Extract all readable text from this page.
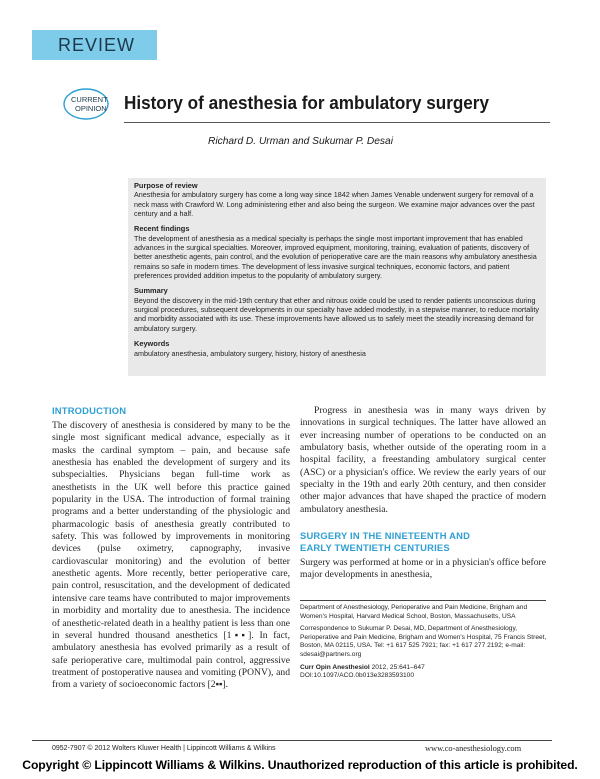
REVIEW
CURRENT
OPINION History of anesthesia for ambulatory surgery
Richard D. Urman and Sukumar P. Desai

Purpose of review

Anesthesia for ambulatory surgery has come a long way since 1842 when James Venable underwent surgery for removal of a neck mass with Crawford W. Long administering ether and also being the surgeon. We examine major advances over the past century and a half.

Recent findings

The development of anesthesia as a medical specialty is perhaps the single most important improvement that has enabled advances in the surgical specialties. Moreover, improved equipment, monitoring, training, evaluation of patients, discovery of better anesthetic agents, pain control, and the evolution of perioperative care are the main reasons why ambulatory anesthesia remains so safe in modern times. The development of less invasive surgical techniques, economic factors, and patient preferences provided addition impetus to the popularity of ambulatory surgery.

Summary

Beyond the discovery in the mid-19th century that ether and nitrous oxide could be used to render patients unconscious during surgical procedures, subsequent developments in our specialty have added modestly, in a stepwise manner, to reduce mortality and morbidity associated with its use. These improvements have allowed us to safely meet the steadily increasing demand for ambulatory surgery.

Keywords

ambulatory anesthesia, ambulatory surgery, history, history of anesthesia

INTRODUCTION

The discovery of anesthesia is considered by many to be the single most significant medical advance, especially as it masks the cardinal symptom – pain, and because safe anesthesia has enabled the development of surgery and its subspecialties. Physicians began full-time work as anesthetists in the UK well before this practice gained popularity in the USA. The introduction of formal training programs and a better understanding of the physiologic and pharmacologic basis of anesthesia greatly contributed to safety. This was followed by improvements in monitoring devices (pulse oximetry, capnography, invasive cardiovascular monitoring) and the evolution of better anesthetic agents. More recently, better perioperative care, pain control, resuscitation, and the development of dedicated intensive care teams have contributed to major improvements in morbidity and mortality due to anesthesia. The incidence of anesthetic-related death in a healthy patient is less than one in several hundred thousand anesthetics [1▪▪]. In fact, ambulatory anesthesia has evolved primarily as a result of safe perioperative care, multimodal pain control, aggressive treatment of postoperative nausea and vomiting (PONV), and from a variety of socioeconomic factors [2▪▪].

Progress in anesthesia was in many ways driven by innovations in surgical techniques. The latter have allowed an ever increasing number of operations to be conducted on an ambulatory basis, whether outside of the operating room in a hospital facility, a freestanding ambulatory surgical center (ASC) or a physician's office. We review the early years of our specialty in the 19th and early 20th century, and then consider other major advances that have shaped the practice of modern ambulatory anesthesia.

SURGERY IN THE NINETEENTH AND
EARLY TWENTIETH CENTURIES

Surgery was performed at home or in a physician's office before major developments in anesthesia,

Department of Anesthesiology, Perioperative and Pain Medicine, Brigham and Women's Hospital, Harvard Medical School, Boston, Massachusetts, USA

Correspondence to Sukumar P. Desai, MD, Department of Anesthesiology, Perioperative and Pain Medicine, Brigham and Women's Hospital, 75 Francis Street, Boston, MA 02115, USA. Tel: +1 617 525 7921; fax: +1 617 277 2192; e-mail: sdesai@partners.org

Curr Opin Anesthesiol 2012, 25:641–647

DOI:10.1097/ACO.0b013e3283593100

0952-7907 © 2012 Wolters Kluwer Health | Lippincott Williams & Wilkins	www.co-anesthesiology.com
Copyright © Lippincott Williams & Wilkins. Unauthorized reproduction of this article is prohibited.
